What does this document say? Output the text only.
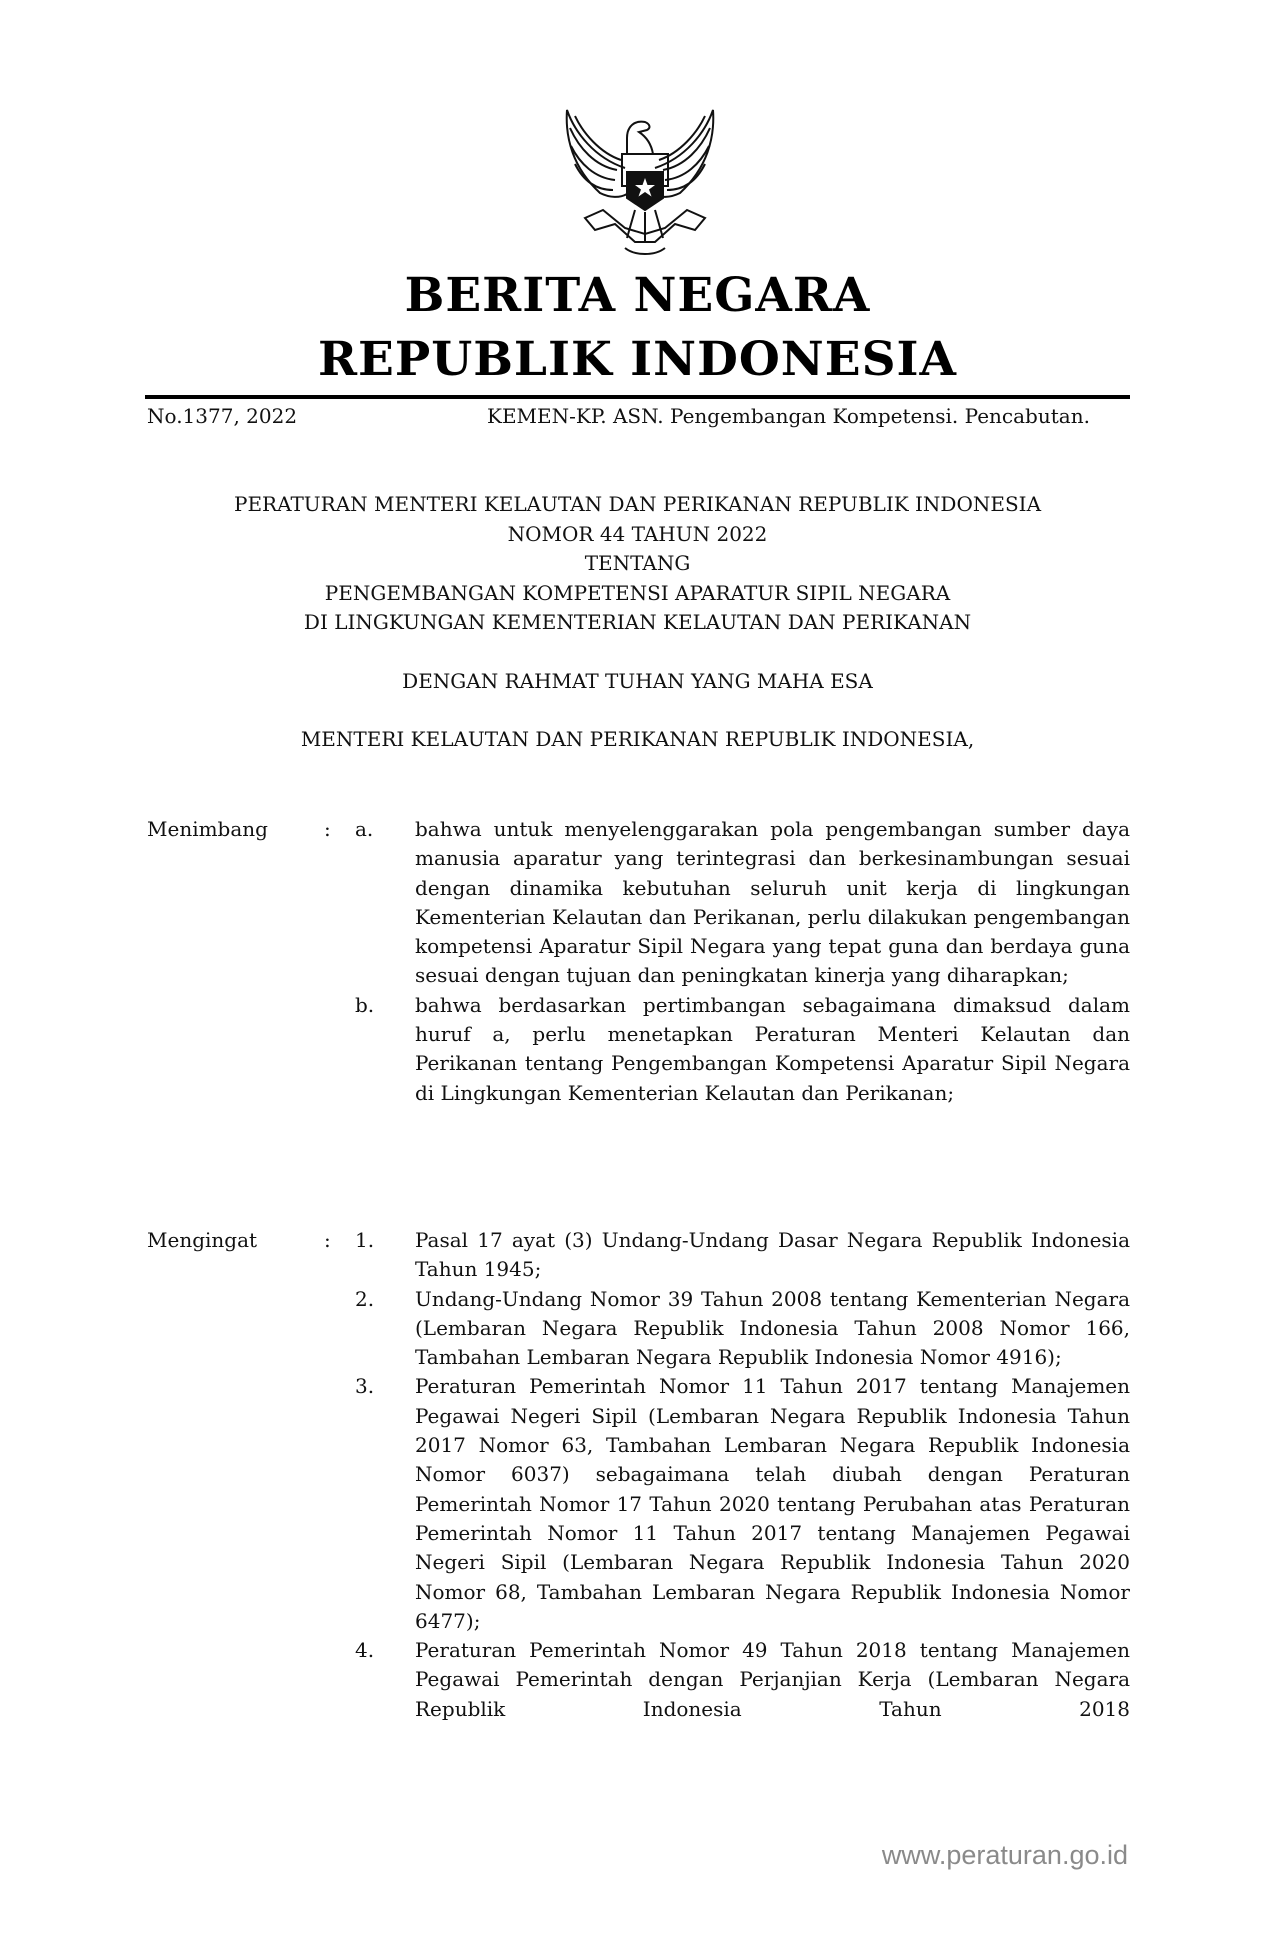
BERITA NEGARA
REPUBLIK INDONESIA
No.1377, 2022	KEMEN-KP. ASN. Pengembangan Kompetensi. Pencabutan.
PERATURAN MENTERI KELAUTAN DAN PERIKANAN REPUBLIK INDONESIA
NOMOR 44 TAHUN 2022
TENTANG
PENGEMBANGAN KOMPETENSI APARATUR SIPIL NEGARA
DI LINGKUNGAN KEMENTERIAN KELAUTAN DAN PERIKANAN
DENGAN RAHMAT TUHAN YANG MAHA ESA
MENTERI KELAUTAN DAN PERIKANAN REPUBLIK INDONESIA,
Menimbang	: a. bahwa untuk menyelenggarakan pola pengembangan sumber daya manusia aparatur yang terintegrasi dan berkesinambungan sesuai dengan dinamika kebutuhan seluruh unit kerja di lingkungan Kementerian Kelautan dan Perikanan, perlu dilakukan pengembangan kompetensi Aparatur Sipil Negara yang tepat guna dan berdaya guna sesuai dengan tujuan dan peningkatan kinerja yang diharapkan;
b. bahwa berdasarkan pertimbangan sebagaimana dimaksud dalam huruf a, perlu menetapkan Peraturan Menteri Kelautan dan Perikanan tentang Pengembangan Kompetensi Aparatur Sipil Negara di Lingkungan Kementerian Kelautan dan Perikanan;
Mengingat	: 1. Pasal 17 ayat (3) Undang-Undang Dasar Negara Republik Indonesia Tahun 1945;
2. Undang-Undang Nomor 39 Tahun 2008 tentang Kementerian Negara (Lembaran Negara Republik Indonesia Tahun 2008 Nomor 166, Tambahan Lembaran Negara Republik Indonesia Nomor 4916);
3. Peraturan Pemerintah Nomor 11 Tahun 2017 tentang Manajemen Pegawai Negeri Sipil (Lembaran Negara Republik Indonesia Tahun 2017 Nomor 63, Tambahan Lembaran Negara Republik Indonesia Nomor 6037) sebagaimana telah diubah dengan Peraturan Pemerintah Nomor 17 Tahun 2020 tentang Perubahan atas Peraturan Pemerintah Nomor 11 Tahun 2017 tentang Manajemen Pegawai Negeri Sipil (Lembaran Negara Republik Indonesia Tahun 2020 Nomor 68, Tambahan Lembaran Negara Republik Indonesia Nomor 6477);
4. Peraturan Pemerintah Nomor 49 Tahun 2018 tentang Manajemen Pegawai Pemerintah dengan Perjanjian Kerja (Lembaran Negara Republik Indonesia Tahun 2018
www.peraturan.go.id
